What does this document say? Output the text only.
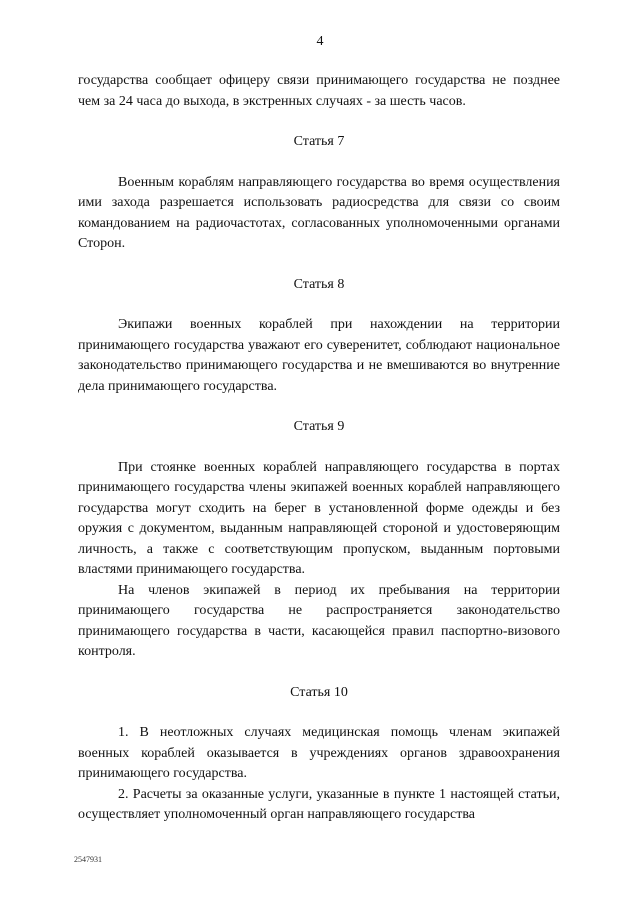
4

государства сообщает офицеру связи принимающего государства не позднее чем за 24 часа до выхода, в экстренных случаях - за шесть часов.

Статья 7

Военным кораблям направляющего государства во время осуществления ими захода разрешается использовать радиосредства для связи со своим командованием на радиочастотах, согласованных уполномоченными органами Сторон.

Статья 8

Экипажи военных кораблей при нахождении на территории принимающего государства уважают его суверенитет, соблюдают национальное законодательство принимающего государства и не вмешиваются во внутренние дела принимающего государства.

Статья 9

При стоянке военных кораблей направляющего государства в портах принимающего государства члены экипажей военных кораблей направляющего государства могут сходить на берег в установленной форме одежды и без оружия с документом, выданным направляющей стороной и удостоверяющим личность, а также с соответствующим пропуском, выданным портовыми властями принимающего государства.

На членов экипажей в период их пребывания на территории принимающего государства не распространяется законодательство принимающего государства в части, касающейся правил паспортно-визового контроля.

Статья 10

1. В неотложных случаях медицинская помощь членам экипажей военных кораблей оказывается в учреждениях органов здравоохранения принимающего государства.

2. Расчеты за оказанные услуги, указанные в пункте 1 настоящей статьи, осуществляет уполномоченный орган направляющего государства

2547931
